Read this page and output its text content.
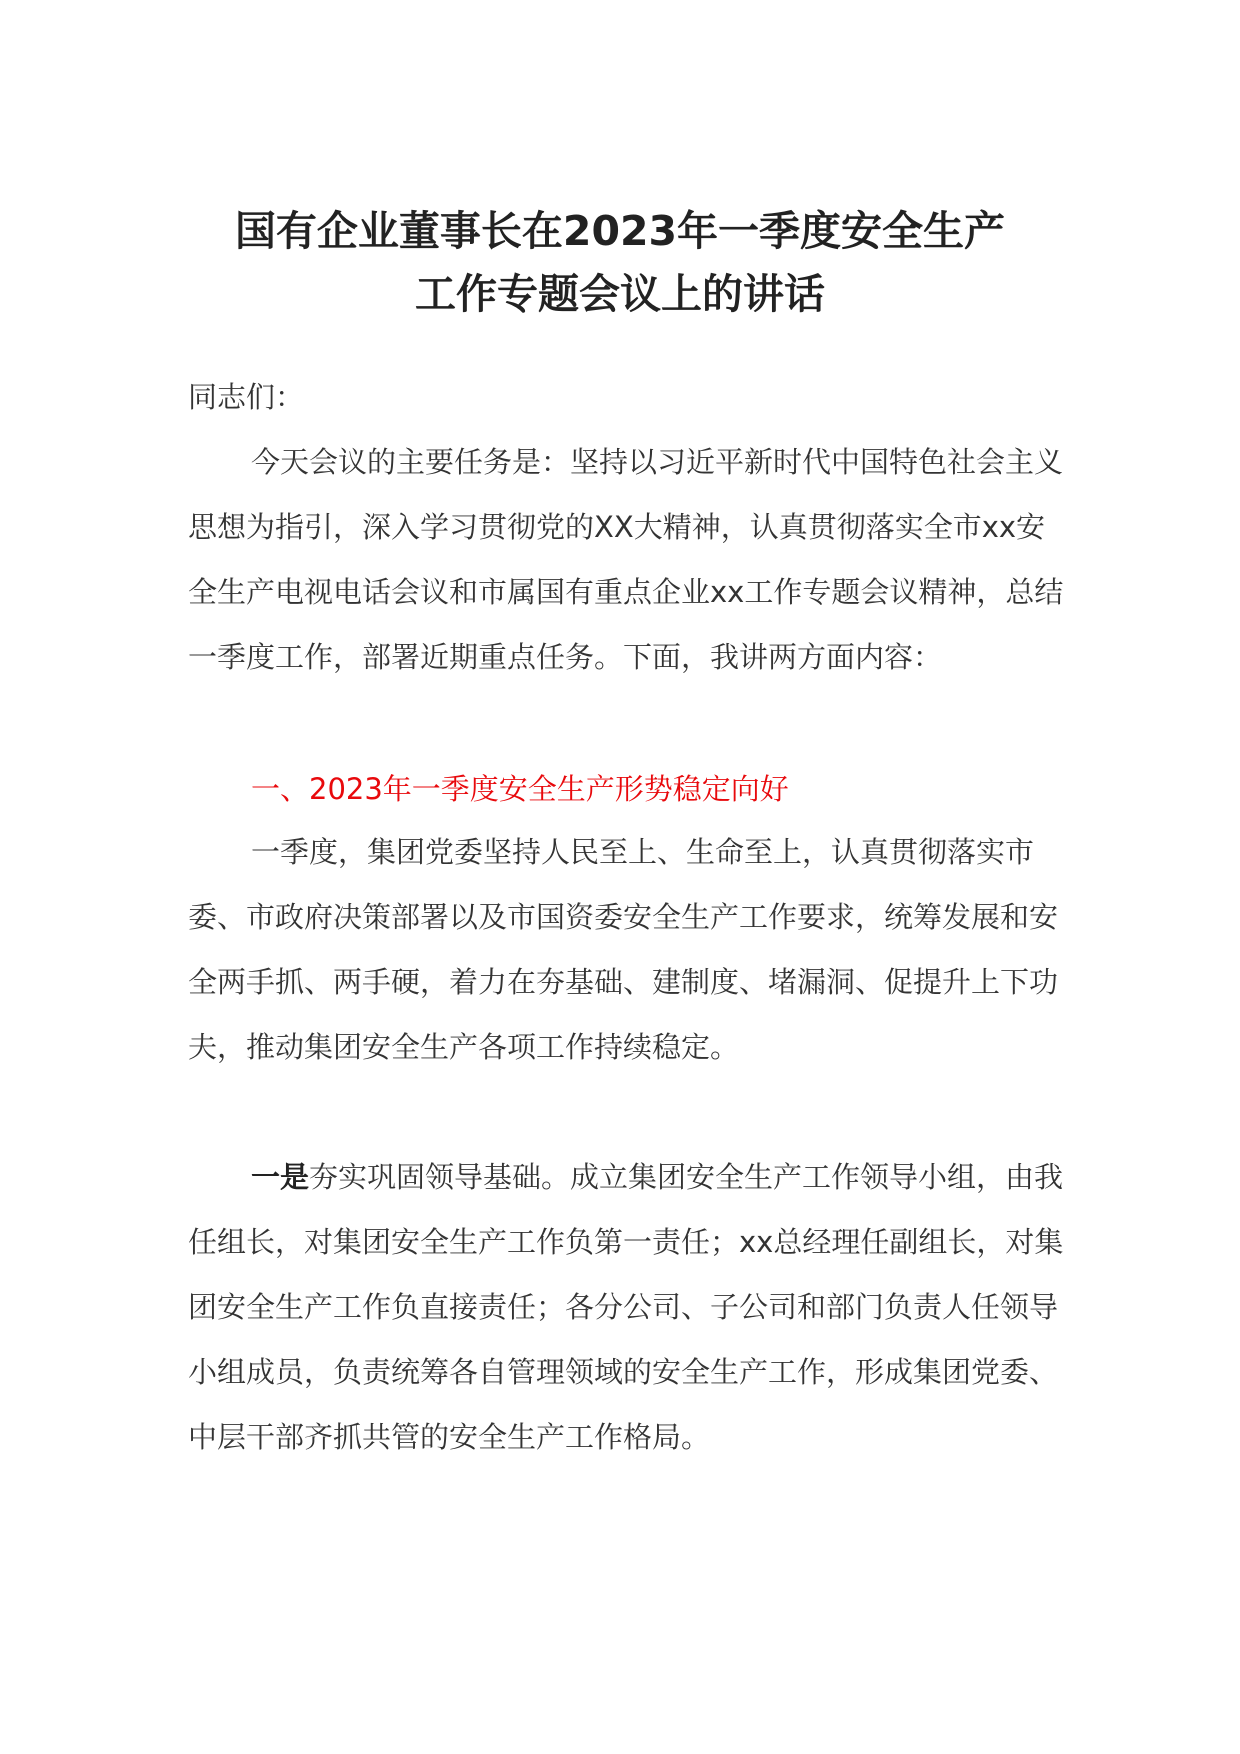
国有企业董事长在2023年一季度安全生产
工作专题会议上的讲话

同志们：

今天会议的主要任务是：坚持以习近平新时代中国特色社会主义思想为指引，深入学习贯彻党的XX大精神，认真贯彻落实全市xx安全生产电视电话会议和市属国有重点企业xx工作专题会议精神，总结一季度工作，部署近期重点任务。下面，我讲两方面内容：

一、2023年一季度安全生产形势稳定向好

一季度，集团党委坚持人民至上、生命至上，认真贯彻落实市委、市政府决策部署以及市国资委安全生产工作要求，统筹发展和安全两手抓、两手硬，着力在夯基础、建制度、堵漏洞、促提升上下功夫，推动集团安全生产各项工作持续稳定。

一是夯实巩固领导基础。成立集团安全生产工作领导小组，由我任组长，对集团安全生产工作负第一责任；xx总经理任副组长，对集团安全生产工作负直接责任；各分公司、子公司和部门负责人任领导小组成员，负责统筹各自管理领域的安全生产工作，形成集团党委、中层干部齐抓共管的安全生产工作格局。
